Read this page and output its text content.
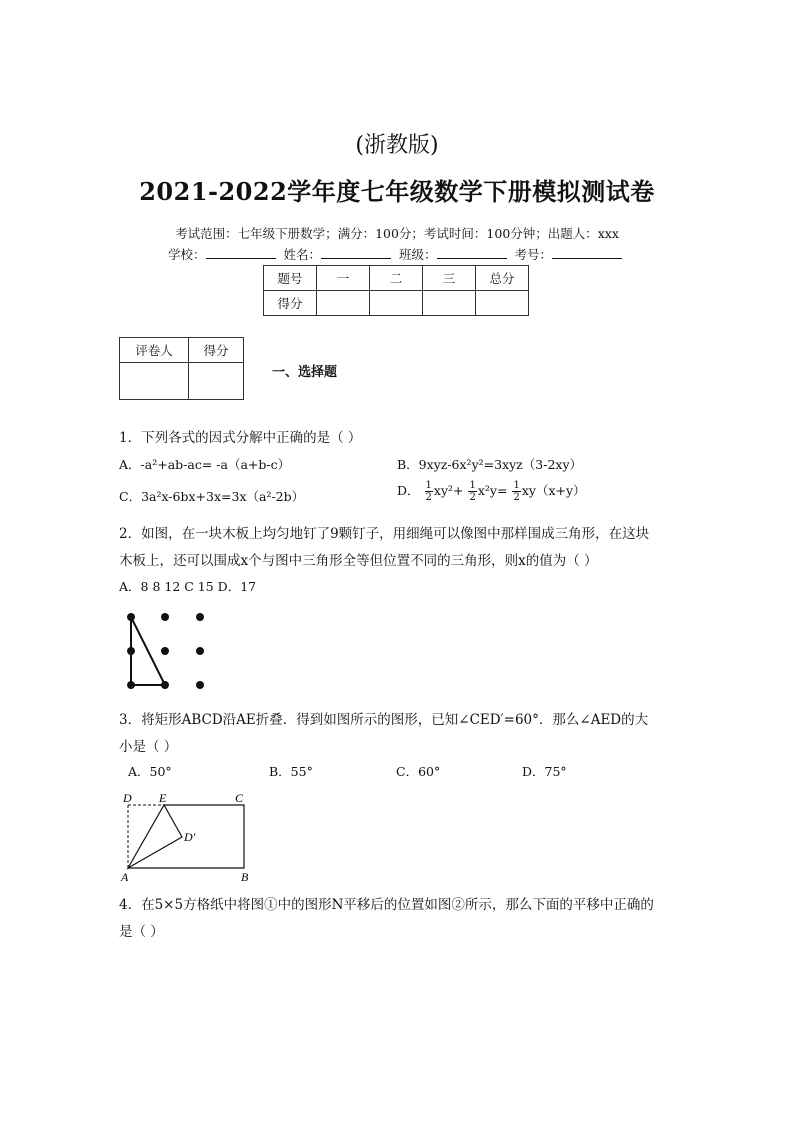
(浙教版)
2021-2022学年度七年级数学下册模拟测试卷
考试范围：七年级下册数学；满分：100分；考试时间：100分钟；出题人：xxx
学校：	姓名：	班级：	考号：
题号	一	二	三	总分
得分				
评卷人	得分

一、选择题
1．下列各式的因式分解中正确的是（ ）
A．-a²+ab-ac= -a（a+b-c）	B．9xyz-6x²y²=3xyz（3-2xy）
C．3a²x-6bx+3x=3x（a²-2b）	D． $\frac{1}{2} xy^2+ \frac{1}{2} x^2y= \frac{1}{2} xy(x+y)$
2．如图，在一块木板上均匀地钉了9颗钉子，用细绳可以像图中那样围成三角形，在这块
木板上，还可以围成x个与图中三角形全等但位置不同的三角形，则x的值为（ ）
A．8 8 12 C 15 D．17
3．将矩形ABCD沿AE折叠．得到如图所示的图形，已知∠CED′=60°．那么∠AED的大
小是（ ）
A．50°	B．55°	C．60°	D．75°
D E	C
D′
A	B
4．在5×5方格纸中将图①中的图形N平移后的位置如图②所示，那么下面的平移中正确的
是（ ）
